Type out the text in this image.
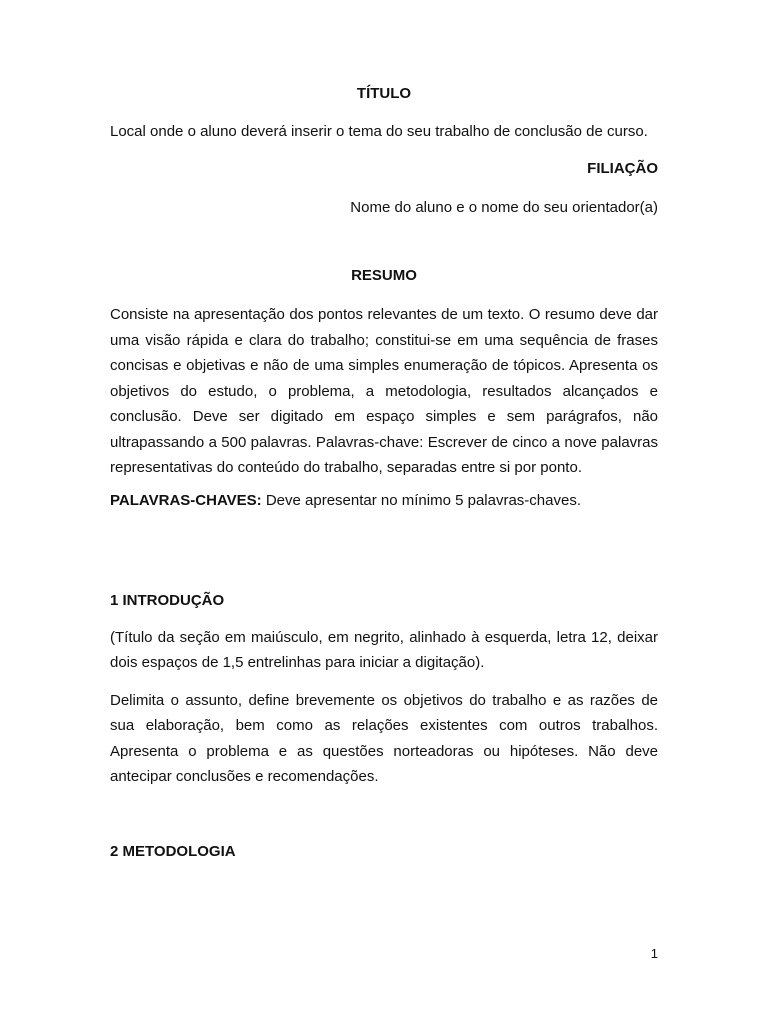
TÍTULO

Local onde o aluno deverá inserir o tema do seu trabalho de conclusão de curso.

FILIAÇÃO

Nome do aluno e o nome do seu orientador(a)

RESUMO

Consiste na apresentação dos pontos relevantes de um texto. O resumo deve dar uma visão rápida e clara do trabalho; constitui-se em uma sequência de frases concisas e objetivas e não de uma simples enumeração de tópicos. Apresenta os objetivos do estudo, o problema, a metodologia, resultados alcançados e conclusão. Deve ser digitado em espaço simples e sem parágrafos, não ultrapassando a 500 palavras. Palavras-chave: Escrever de cinco a nove palavras representativas do conteúdo do trabalho, separadas entre si por ponto.

PALAVRAS-CHAVES: Deve apresentar no mínimo 5 palavras-chaves.

1 INTRODUÇÃO

(Título da seção em maiúsculo, em negrito, alinhado à esquerda, letra 12, deixar dois espaços de 1,5 entrelinhas para iniciar a digitação).

Delimita o assunto, define brevemente os objetivos do trabalho e as razões de sua elaboração, bem como as relações existentes com outros trabalhos. Apresenta o problema e as questões norteadoras ou hipóteses. Não deve antecipar conclusões e recomendações.

2 METODOLOGIA

1
